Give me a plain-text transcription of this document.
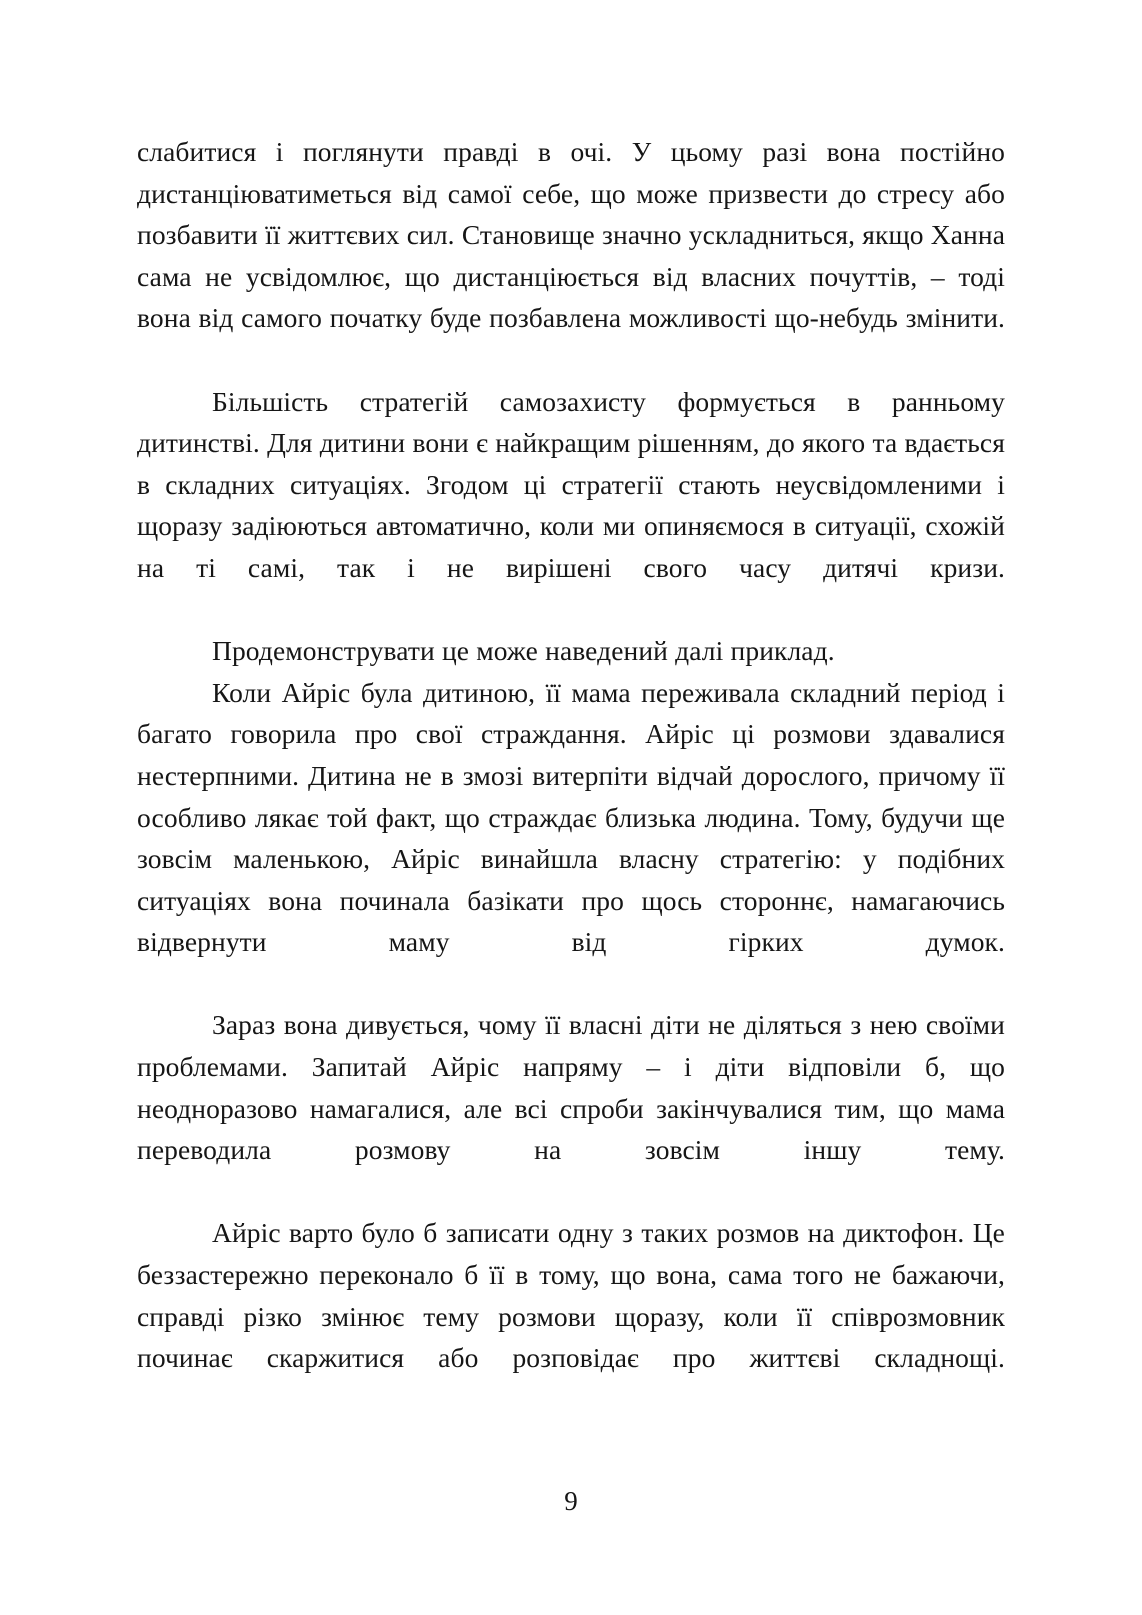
слабитися і поглянути правді в очі. У цьому разі вона постійно дистанціюватиметься від самої себе, що може призвести до стресу або позбавити її життєвих сил. Становище значно ускладниться, якщо Ханна сама не усвідомлює, що дистанціюється від власних почуттів, – тоді вона від самого початку буде позбавлена можливості що-небудь змінити.

Більшість стратегій самозахисту формується в ранньому дитинстві. Для дитини вони є найкращим рішенням, до якого та вдається в складних ситуаціях. Згодом ці стратегії стають неусвідомленими і щоразу задіюються автоматично, коли ми опиняємося в ситуації, схожій на ті самі, так і не вирішені свого часу дитячі кризи.

Продемонструвати це може наведений далі приклад.

Коли Айріс була дитиною, її мама переживала складний період і багато говорила про свої страждання. Айріс ці розмови здавалися нестерпними. Дитина не в змозі витерпіти відчай дорослого, причому її особливо лякає той факт, що страждає близька людина. Тому, будучи ще зовсім маленькою, Айріс винайшла власну стратегію: у подібних ситуаціях вона починала базікати про щось стороннє, намагаючись відвернути маму від гірких думок.

Зараз вона дивується, чому її власні діти не діляться з нею своїми проблемами. Запитай Айріс напряму – і діти відповіли б, що неодноразово намагалися, але всі спроби закінчувалися тим, що мама переводила розмову на зовсім іншу тему.

Айріс варто було б записати одну з таких розмов на диктофон. Це беззастережно переконало б її в тому, що вона, сама того не бажаючи, справді різко змінює тему розмови щоразу, коли її співрозмовник починає скаржитися або розповідає про життєві складнощі.

9
